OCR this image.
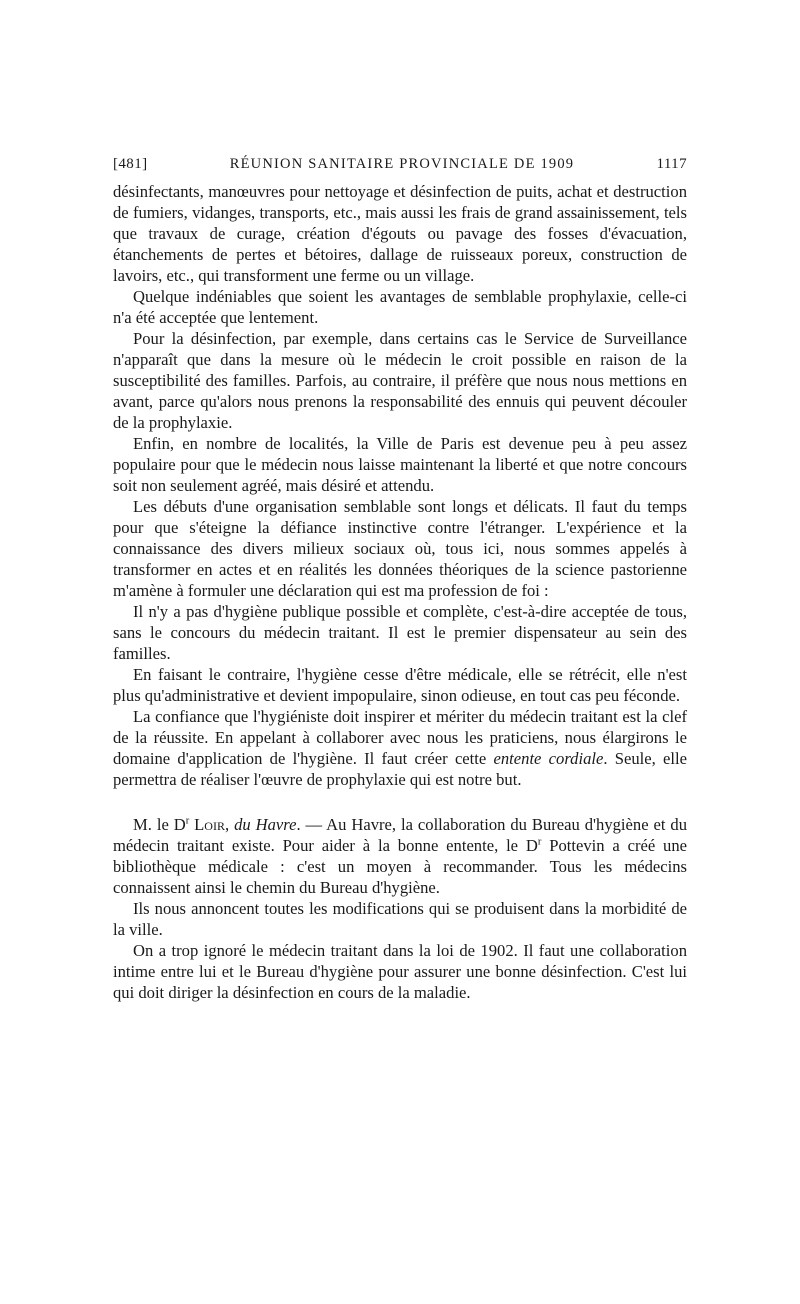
[481]	RÉUNION SANITAIRE PROVINCIALE DE 1909	1117

désinfectants, manœuvres pour nettoyage et désinfection de puits, achat et destruction de fumiers, vidanges, transports, etc., mais aussi les frais de grand assainissement, tels que travaux de curage, création d'égouts ou pavage des fosses d'évacuation, étanchements de pertes et bétoires, dallage de ruisseaux poreux, construction de lavoirs, etc., qui transforment une ferme ou un village.

Quelque indéniables que soient les avantages de semblable prophylaxie, celle-ci n'a été acceptée que lentement.

Pour la désinfection, par exemple, dans certains cas le Service de Surveillance n'apparaît que dans la mesure où le médecin le croit possible en raison de la susceptibilité des familles. Parfois, au contraire, il préfère que nous nous mettions en avant, parce qu'alors nous prenons la responsabilité des ennuis qui peuvent découler de la prophylaxie.

Enfin, en nombre de localités, la Ville de Paris est devenue peu à peu assez populaire pour que le médecin nous laisse maintenant la liberté et que notre concours soit non seulement agréé, mais désiré et attendu.

Les débuts d'une organisation semblable sont longs et délicats. Il faut du temps pour que s'éteigne la défiance instinctive contre l'étranger. L'expérience et la connaissance des divers milieux sociaux où, tous ici, nous sommes appelés à transformer en actes et en réalités les données théoriques de la science pastorienne m'amène à formuler une déclaration qui est ma profession de foi :

Il n'y a pas d'hygiène publique possible et complète, c'est-à-dire acceptée de tous, sans le concours du médecin traitant. Il est le premier dispensateur au sein des familles.

En faisant le contraire, l'hygiène cesse d'être médicale, elle se rétrécit, elle n'est plus qu'administrative et devient impopulaire, sinon odieuse, en tout cas peu féconde.

La confiance que l'hygiéniste doit inspirer et mériter du médecin traitant est la clef de la réussite. En appelant à collaborer avec nous les praticiens, nous élargirons le domaine d'application de l'hygiène. Il faut créer cette entente cordiale. Seule, elle permettra de réaliser l'œuvre de prophylaxie qui est notre but.

M. le $D^r$ Loir, du Havre. — Au Havre, la collaboration du Bureau d'hygiène et du médecin traitant existe. Pour aider à la bonne entente, le $D^r$ Pottevin a créé une bibliothèque médicale : c'est un moyen à recommander. Tous les médecins connaissent ainsi le chemin du Bureau d'hygiène.

Ils nous annoncent toutes les modifications qui se produisent dans la morbidité de la ville.

On a trop ignoré le médecin traitant dans la loi de 1902. Il faut une collaboration intime entre lui et le Bureau d'hygiène pour assurer une bonne désinfection. C'est lui qui doit diriger la désinfection en cours de la maladie.
